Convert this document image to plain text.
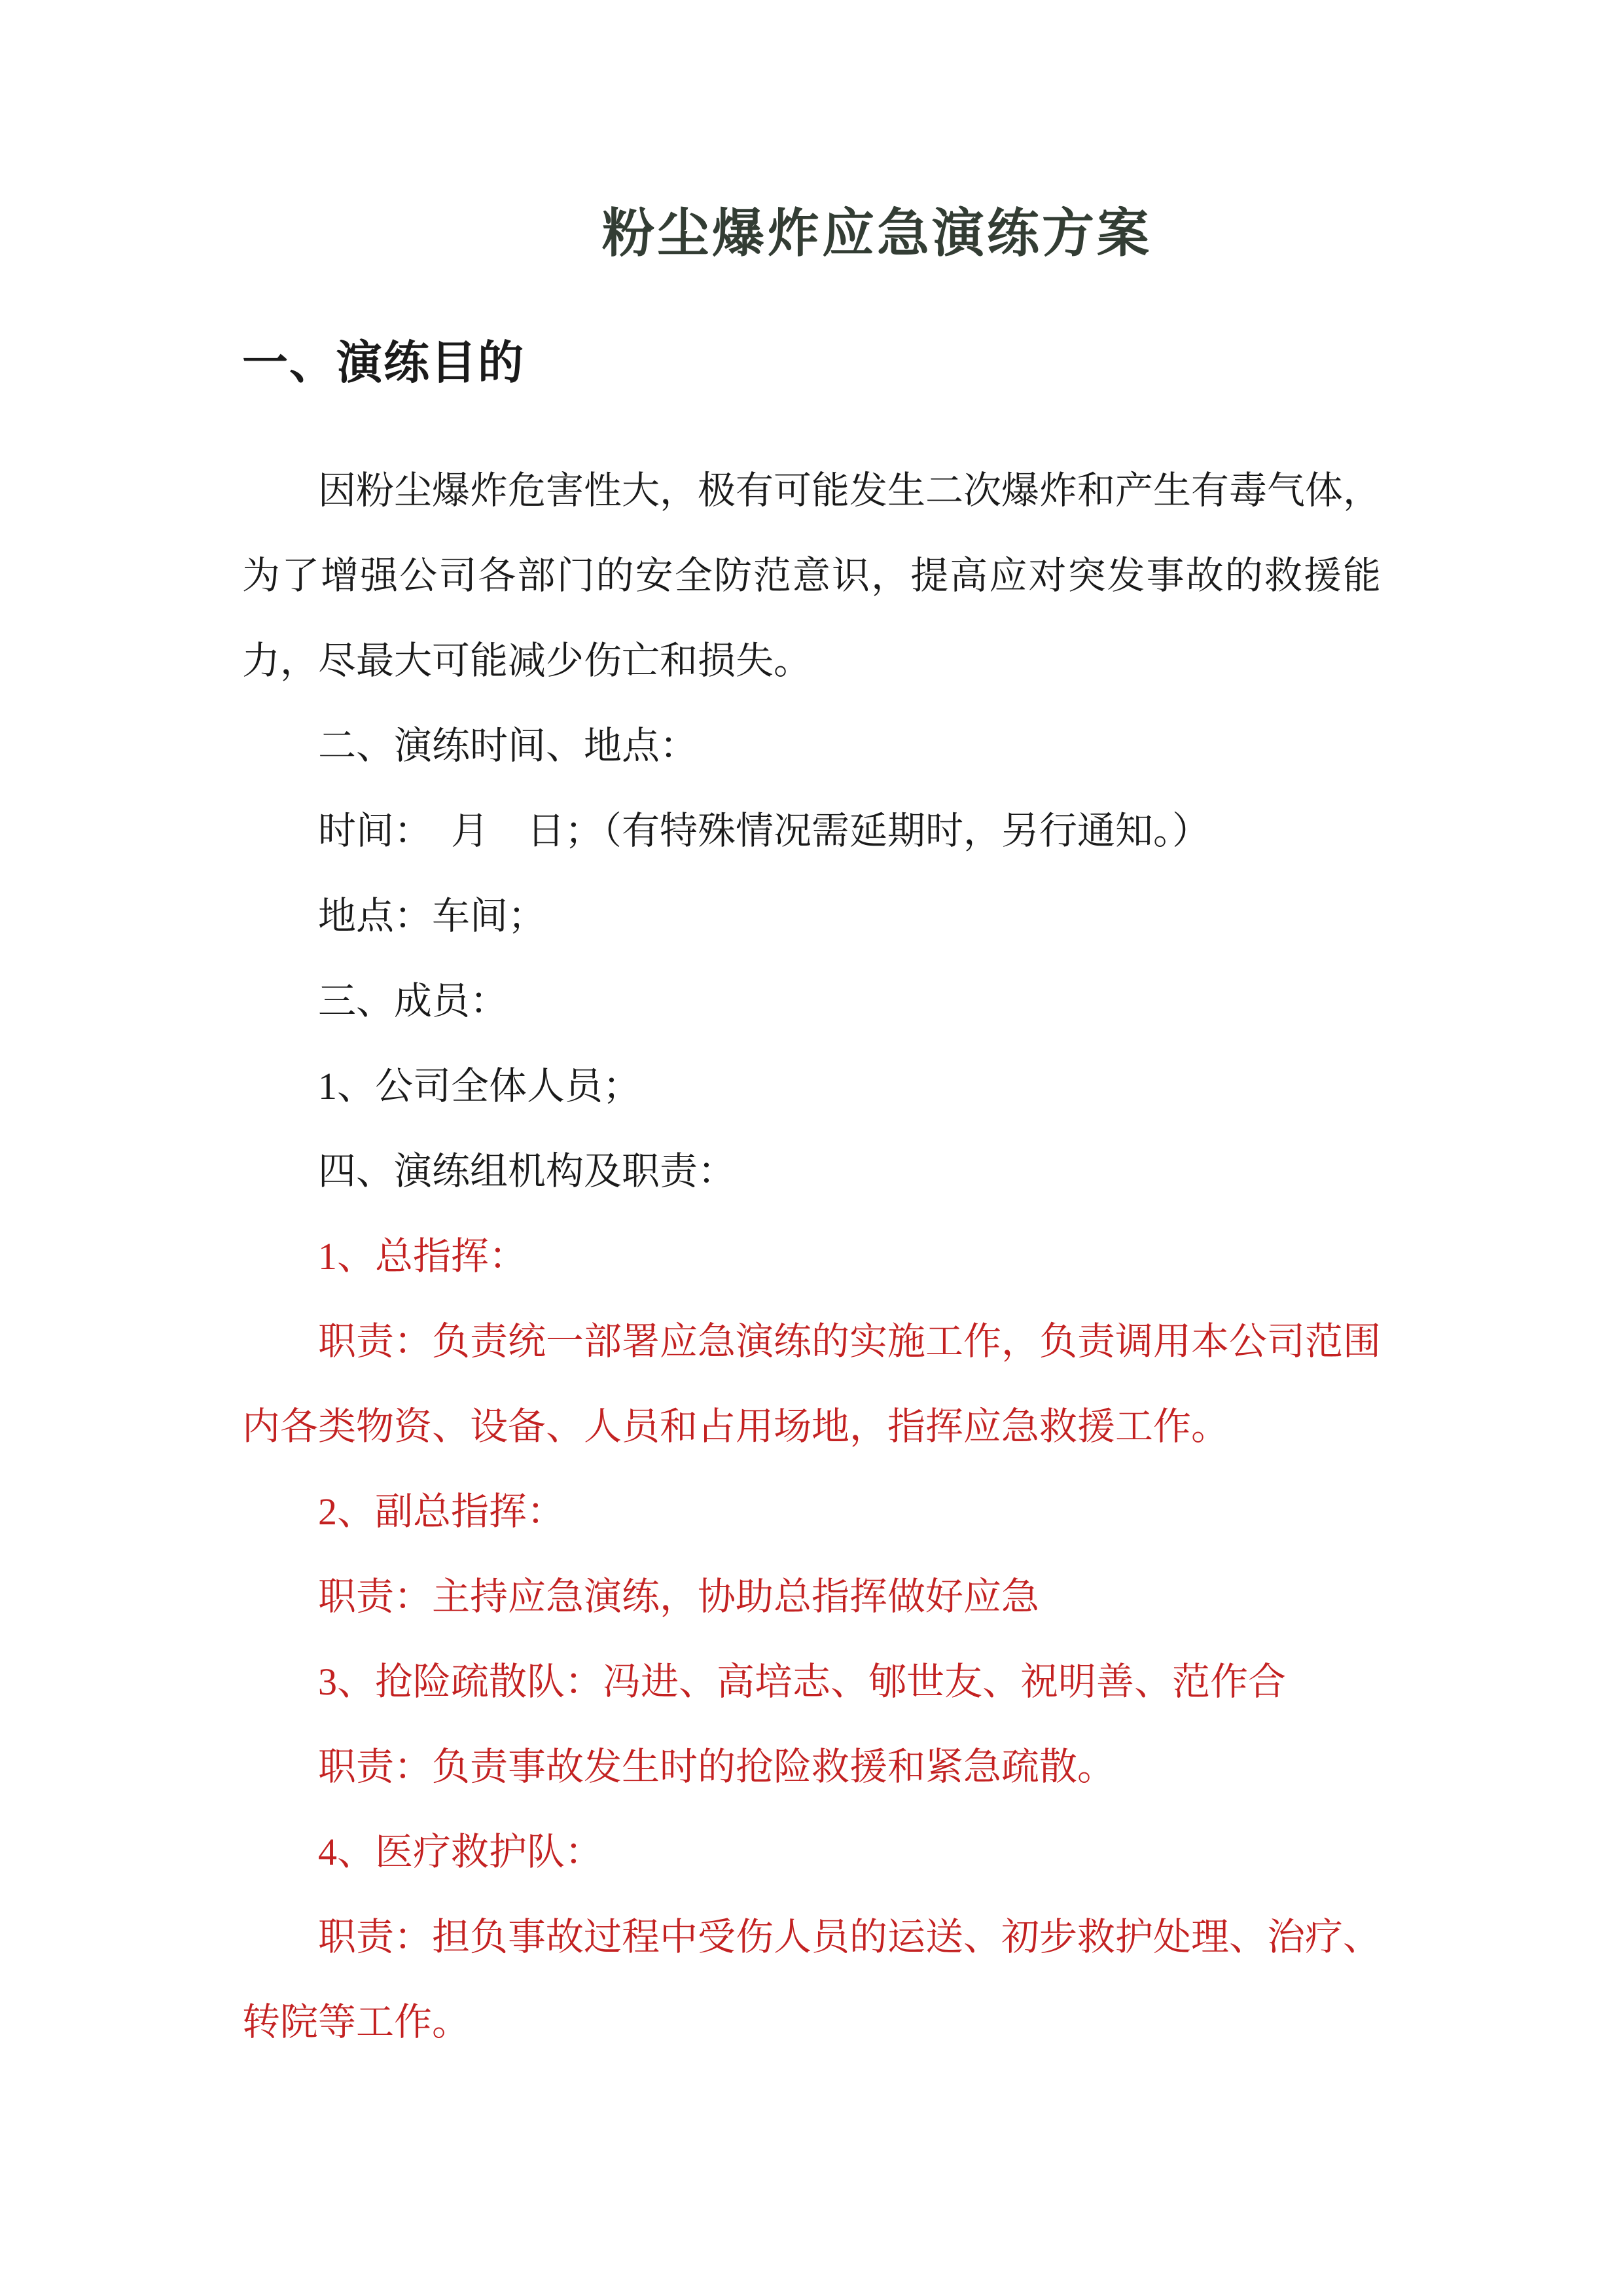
粉尘爆炸应急演练方案
一、演练目的

因粉尘爆炸危害性大，极有可能发生二次爆炸和产生有毒气体，为了增强公司各部门的安全防范意识，提高应对突发事故的救援能力，尽最大可能减少伤亡和损失。

二、演练时间、地点：

时间：　月　日；（有特殊情况需延期时，另行通知。）

地点：车间；

三、成员：

1、公司全体人员；

四、演练组机构及职责：

1、总指挥：

职责：负责统一部署应急演练的实施工作，负责调用本公司范围内各类物资、设备、人员和占用场地，指挥应急救援工作。

2、副总指挥：

职责：主持应急演练，协助总指挥做好应急

3、抢险疏散队：冯进、高培志、郇世友、祝明善、范作合

职责：负责事故发生时的抢险救援和紧急疏散。

4、医疗救护队：

职责：担负事故过程中受伤人员的运送、初步救护处理、治疗、转院等工作。
